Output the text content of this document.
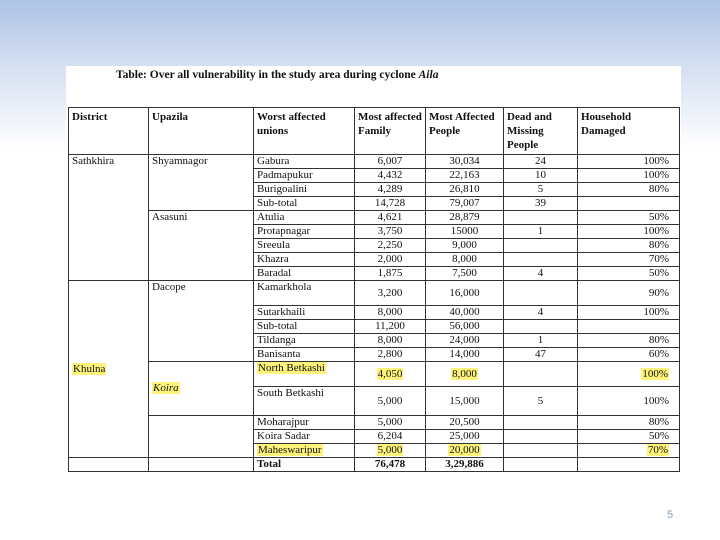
Table: Over all vulnerability in the study area during cyclone Aila
District	Upazila	Worst affected unions	Most affected Family	Most Affected People	Dead and Missing People	Household Damaged
Sathkhira	Shyamnagor	Gabura	6,007	30,034	24	100%
		Padmapukur	4,432	22,163	10	100%
		Burigoalini	4,289	26,810	5	80%
		Sub-total	14,728	79,007	39	
	Asasuni	Atulia	4,621	28,879		50%
		Protapnagar	3,750	15000	1	100%
		Sreeula	2,250	9,000		80%
		Khazra	2,000	8,000		70%
		Baradal	1,875	7,500	4	50%
Khulna	Dacope	Kamarkhola	3,200	16,000		90%
		Sutarkhaili	8,000	40,000	4	100%
		Sub-total	11,200	56,000		
		Tildanga	8,000	24,000	1	80%
		Banisanta	2,800	14,000	47	60%
	Koira	North Betkashi	4,050	8,000		100%
		South Betkashi	5,000	15,000	5	100%
		Moharajpur	5,000	20,500		80%
		Koira Sadar	6,204	25,000		50%
		Maheswaripur	5,000	20,000		70%
		Total	76,478	3,29,886		
5
